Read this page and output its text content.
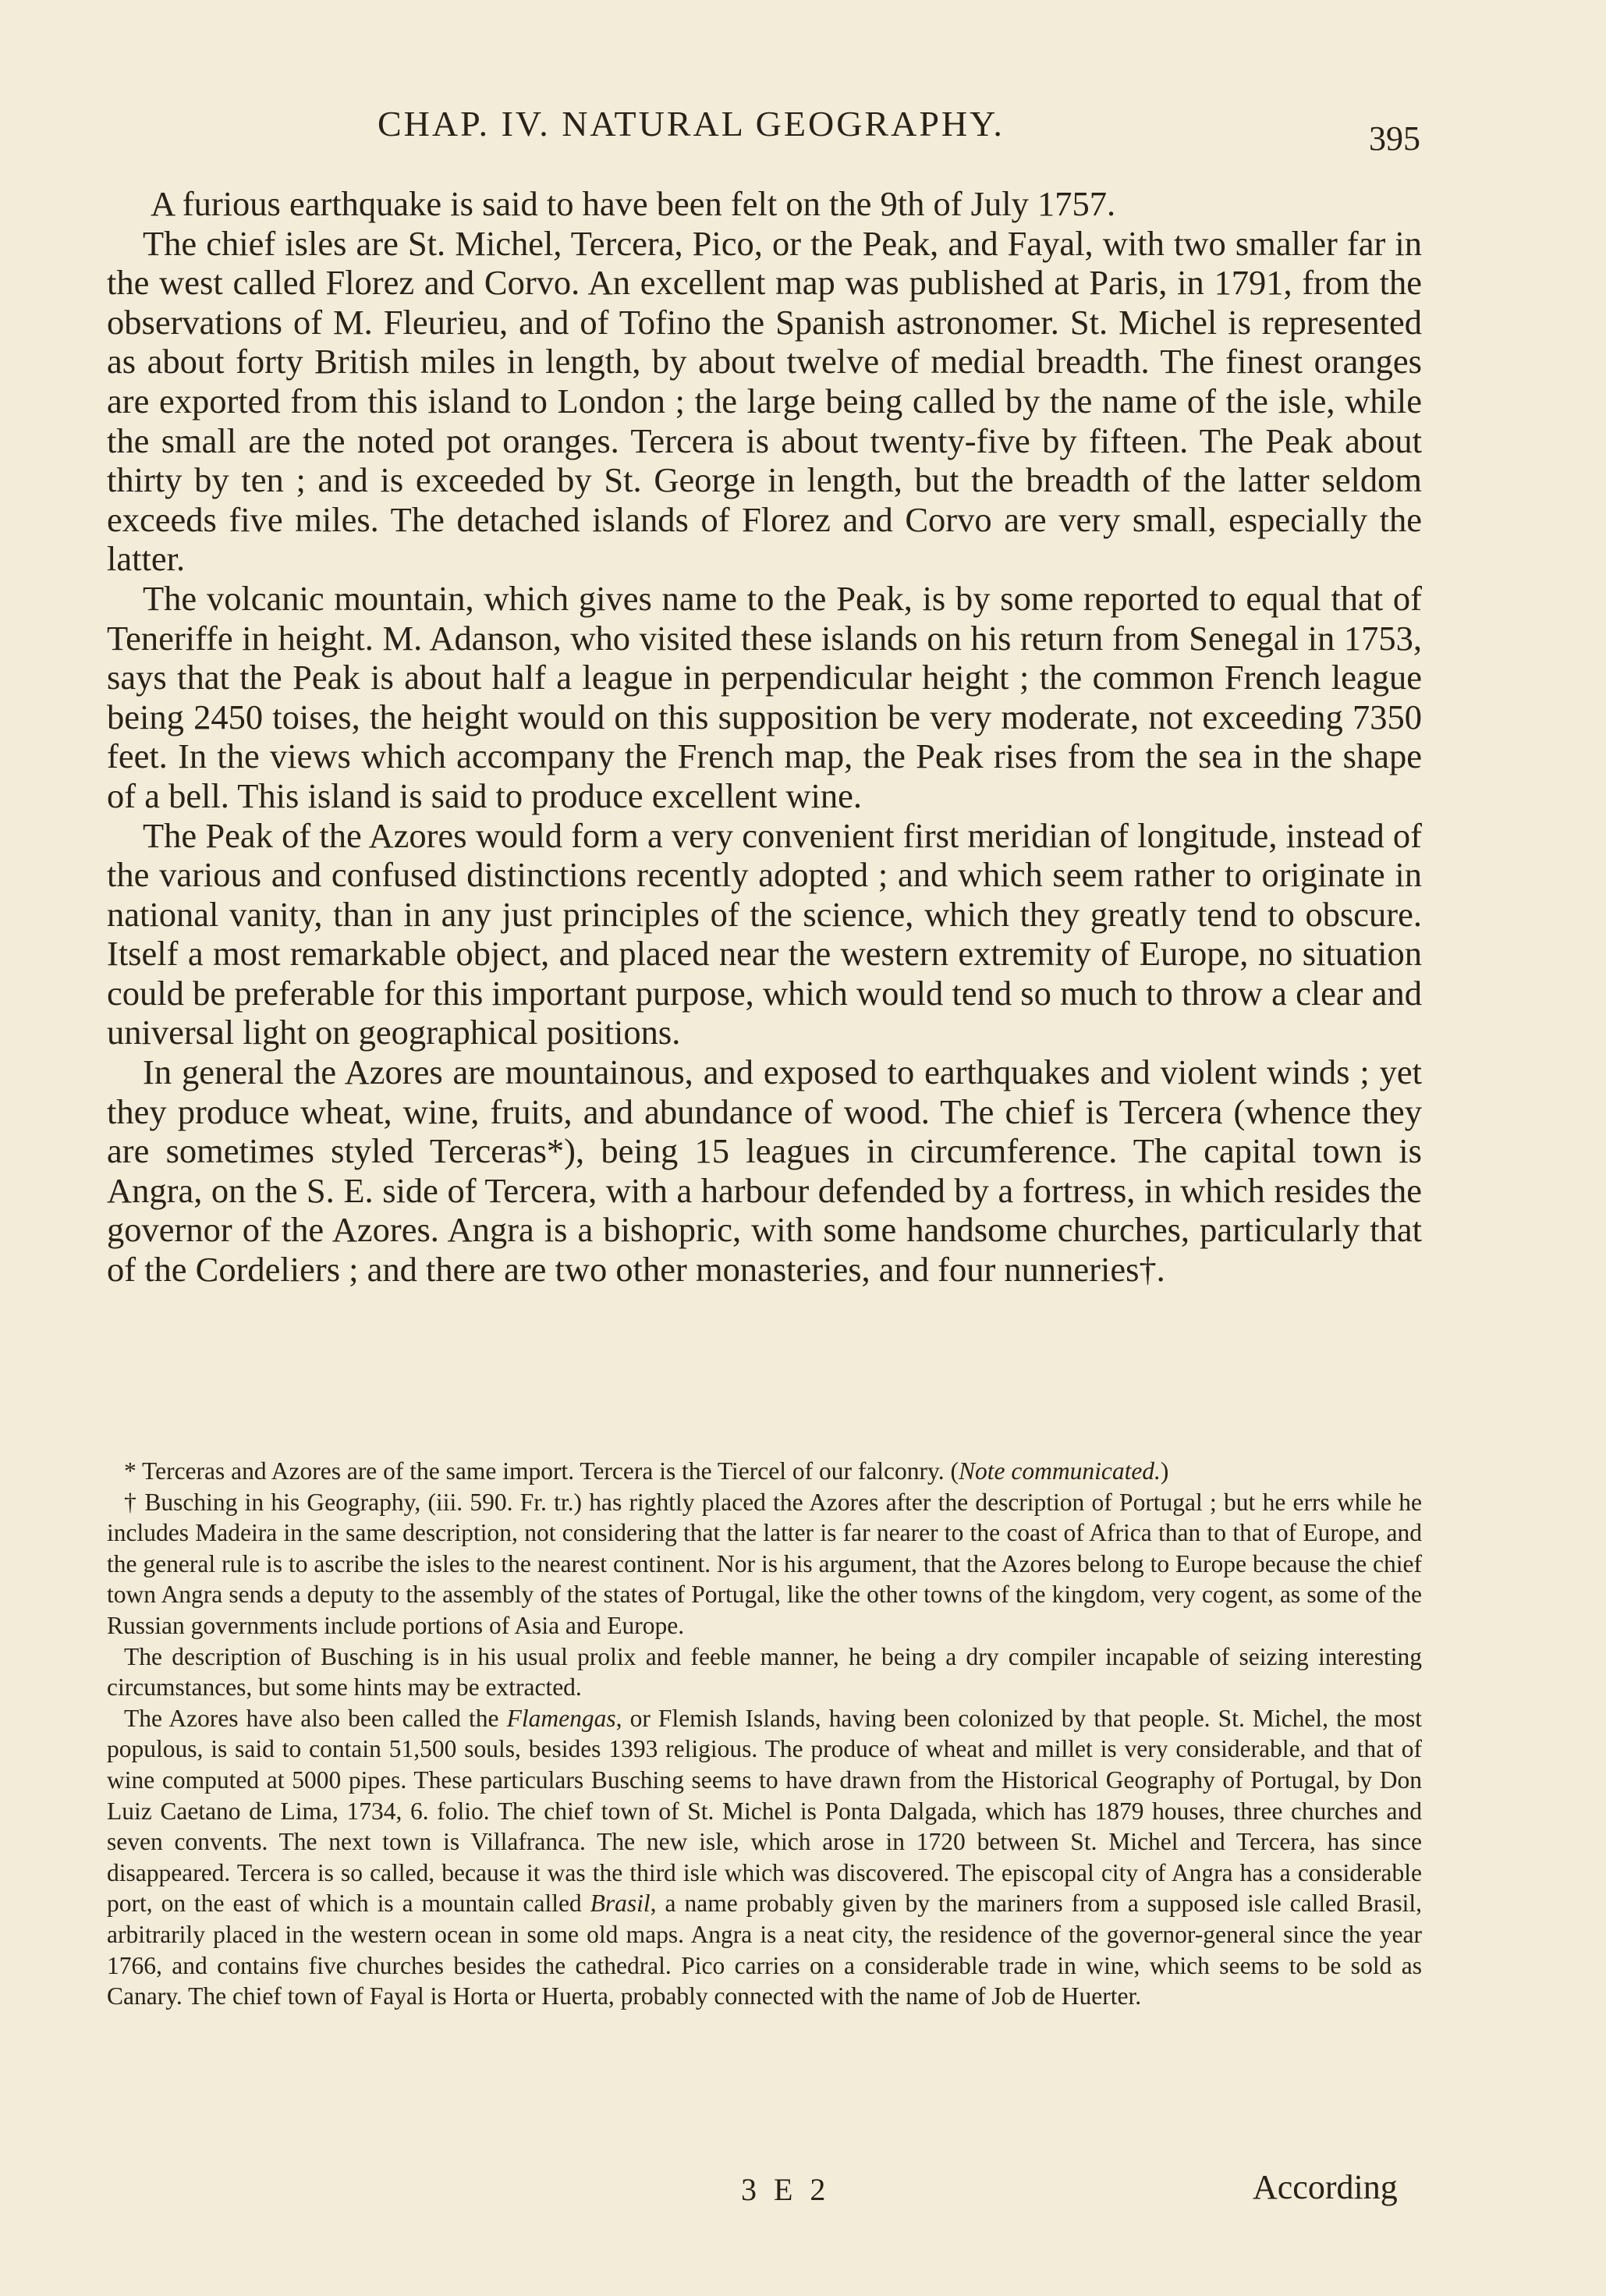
CHAP. IV. NATURAL GEOGRAPHY.	395

A furious earthquake is said to have been felt on the 9th of July 1757.

The chief isles are St. Michel, Tercera, Pico, or the Peak, and Fayal, with two smaller far in the west called Florez and Corvo. An excellent map was published at Paris, in 1791, from the observations of M. Fleurieu, and of Tofino the Spanish astronomer. St. Michel is represented as about forty British miles in length, by about twelve of medial breadth. The finest oranges are exported from this island to London ; the large being called by the name of the isle, while the small are the noted pot oranges. Tercera is about twenty-five by fifteen. The Peak about thirty by ten ; and is exceeded by St. George in length, but the breadth of the latter seldom exceeds five miles. The detached islands of Florez and Corvo are very small, especially the latter.

The volcanic mountain, which gives name to the Peak, is by some reported to equal that of Teneriffe in height. M. Adanson, who visited these islands on his return from Senegal in 1753, says that the Peak is about half a league in perpendicular height ; the common French league being 2450 toises, the height would on this supposition be very moderate, not exceeding 7350 feet. In the views which accompany the French map, the Peak rises from the sea in the shape of a bell. This island is said to produce excellent wine.

The Peak of the Azores would form a very convenient first meridian of longitude, instead of the various and confused distinctions recently adopted ; and which seem rather to originate in national vanity, than in any just principles of the science, which they greatly tend to obscure. Itself a most remarkable object, and placed near the western extremity of Europe, no situation could be preferable for this important purpose, which would tend so much to throw a clear and universal light on geographical positions.

In general the Azores are mountainous, and exposed to earthquakes and violent winds ; yet they produce wheat, wine, fruits, and abundance of wood. The chief is Tercera (whence they are sometimes styled Terceras*), being 15 leagues in circumference. The capital town is Angra, on the S. E. side of Tercera, with a harbour defended by a fortress, in which resides the governor of the Azores. Angra is a bishopric, with some handsome churches, particularly that of the Cordeliers ; and there are two other monasteries, and four nunneries†.

* Terceras and Azores are of the same import. Tercera is the Tiercel of our falconry. (Note communicated.)

† Busching in his Geography, (iii. 590. Fr. tr.) has rightly placed the Azores after the description of Portugal ; but he errs while he includes Madeira in the same description, not considering that the latter is far nearer to the coast of Africa than to that of Europe, and the general rule is to ascribe the isles to the nearest continent. Nor is his argument, that the Azores belong to Europe because the chief town Angra sends a deputy to the assembly of the states of Portugal, like the other towns of the kingdom, very cogent, as some of the Russian governments include portions of Asia and Europe.

The description of Busching is in his usual prolix and feeble manner, he being a dry compiler incapable of seizing interesting circumstances, but some hints may be extracted.

The Azores have also been called the Flamengas, or Flemish Islands, having been colonized by that people. St. Michel, the most populous, is said to contain 51,500 souls, besides 1393 religious. The produce of wheat and millet is very considerable, and that of wine computed at 5000 pipes. These particulars Busching seems to have drawn from the Historical Geography of Portugal, by Don Luiz Caetano de Lima, 1734, 6. folio. The chief town of St. Michel is Ponta Dalgada, which has 1879 houses, three churches and seven convents. The next town is Villafranca. The new isle, which arose in 1720 between St. Michel and Tercera, has since disappeared. Tercera is so called, because it was the third isle which was discovered. The episcopal city of Angra has a considerable port, on the east of which is a mountain called Brasil, a name probably given by the mariners from a supposed isle called Brasil, arbitrarily placed in the western ocean in some old maps. Angra is a neat city, the residence of the governor-general since the year 1766, and contains five churches besides the cathedral. Pico carries on a considerable trade in wine, which seems to be sold as Canary. The chief town of Fayal is Horta or Huerta, probably connected with the name of Job de Huerter.

3 E 2	According
